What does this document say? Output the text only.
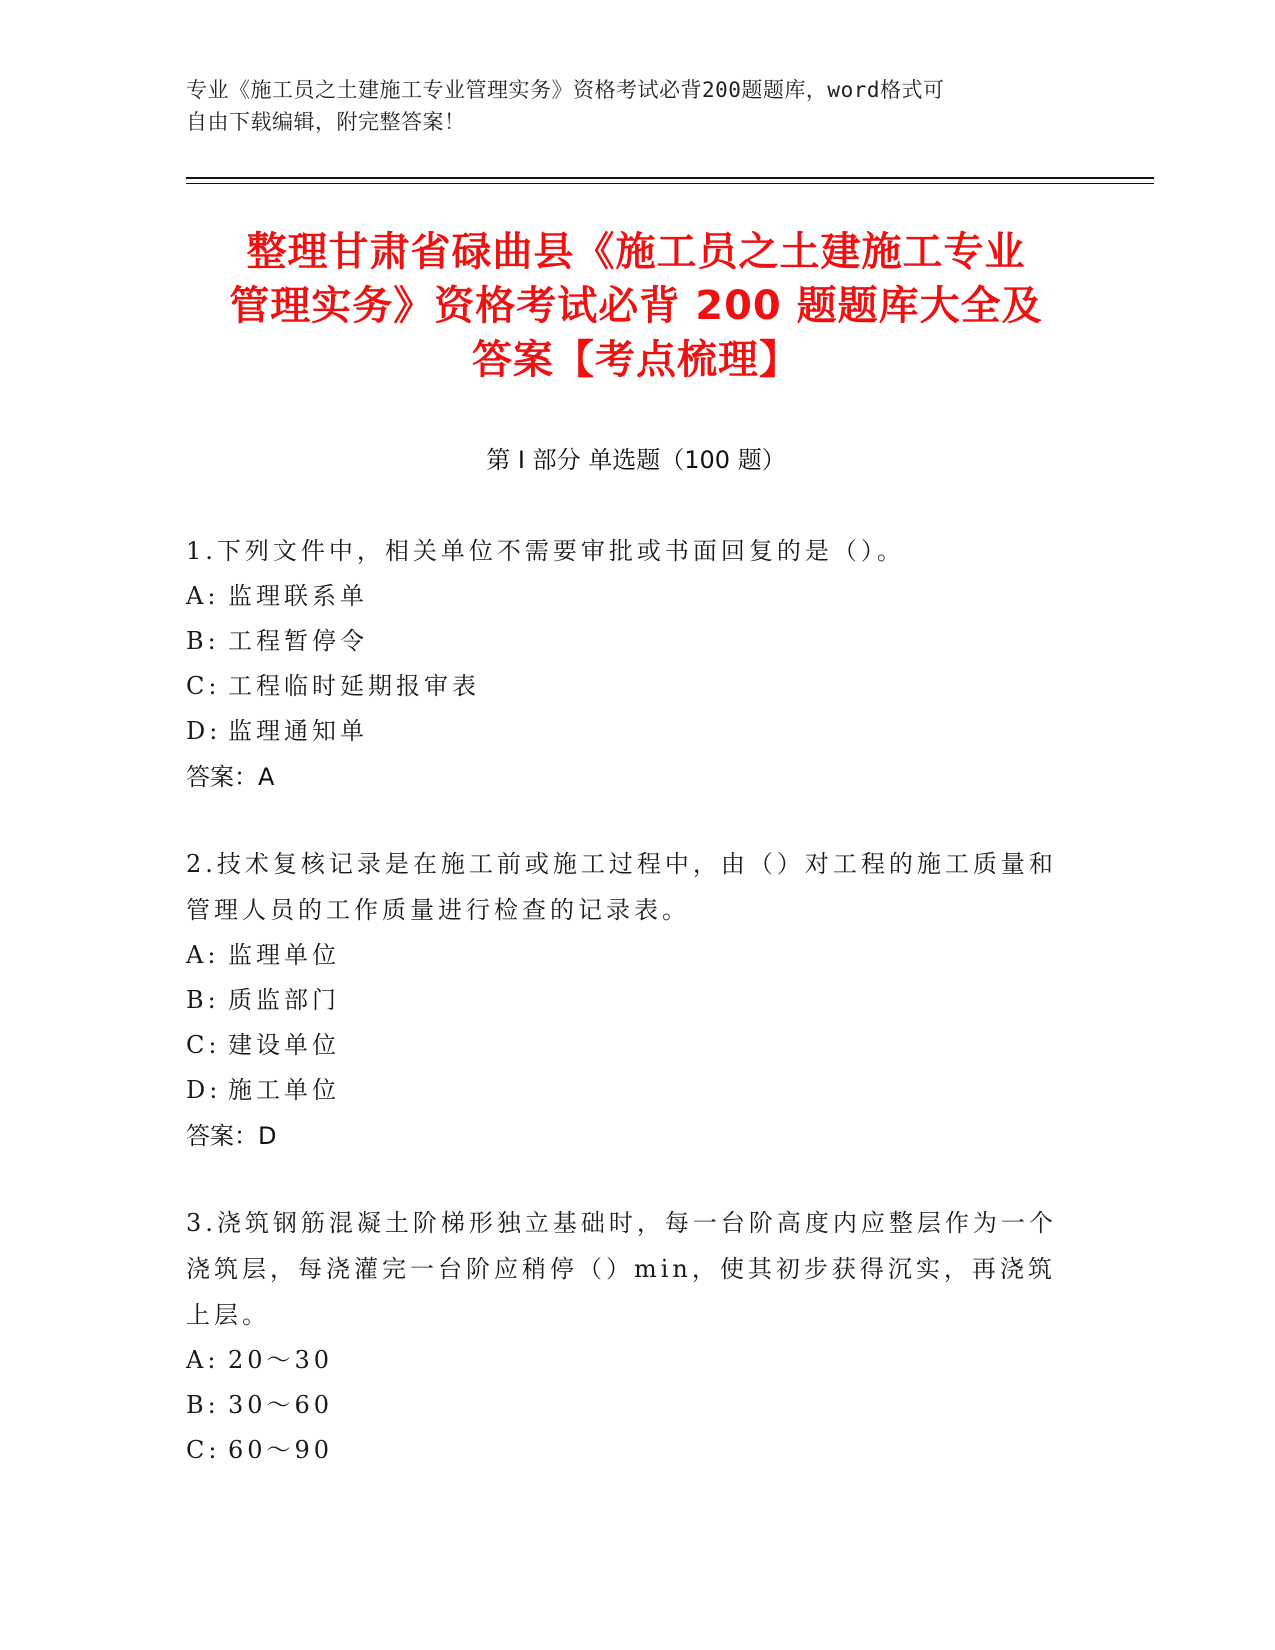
专业《施工员之土建施工专业管理实务》资格考试必背200题题库，word格式可
自由下载编辑，附完整答案！
整理甘肃省碌曲县《施工员之土建施工专业
管理实务》资格考试必背 200 题题库大全及
答案【考点梳理】
第 I 部分 单选题（100 题）
1.下列文件中，相关单位不需要审批或书面回复的是（）。
A: 监理联系单
B: 工程暂停令
C: 工程临时延期报审表
D: 监理通知单
答案：A
2.技术复核记录是在施工前或施工过程中，由（）对工程的施工质量和管理人员的工作质量进行检查的记录表。
A: 监理单位
B: 质监部门
C: 建设单位
D: 施工单位
答案：D
3.浇筑钢筋混凝土阶梯形独立基础时，每一台阶高度内应整层作为一个浇筑层，每浇灌完一台阶应稍停（）min，使其初步获得沉实，再浇筑上层。
A: 20～30
B: 30～60
C: 60～90
